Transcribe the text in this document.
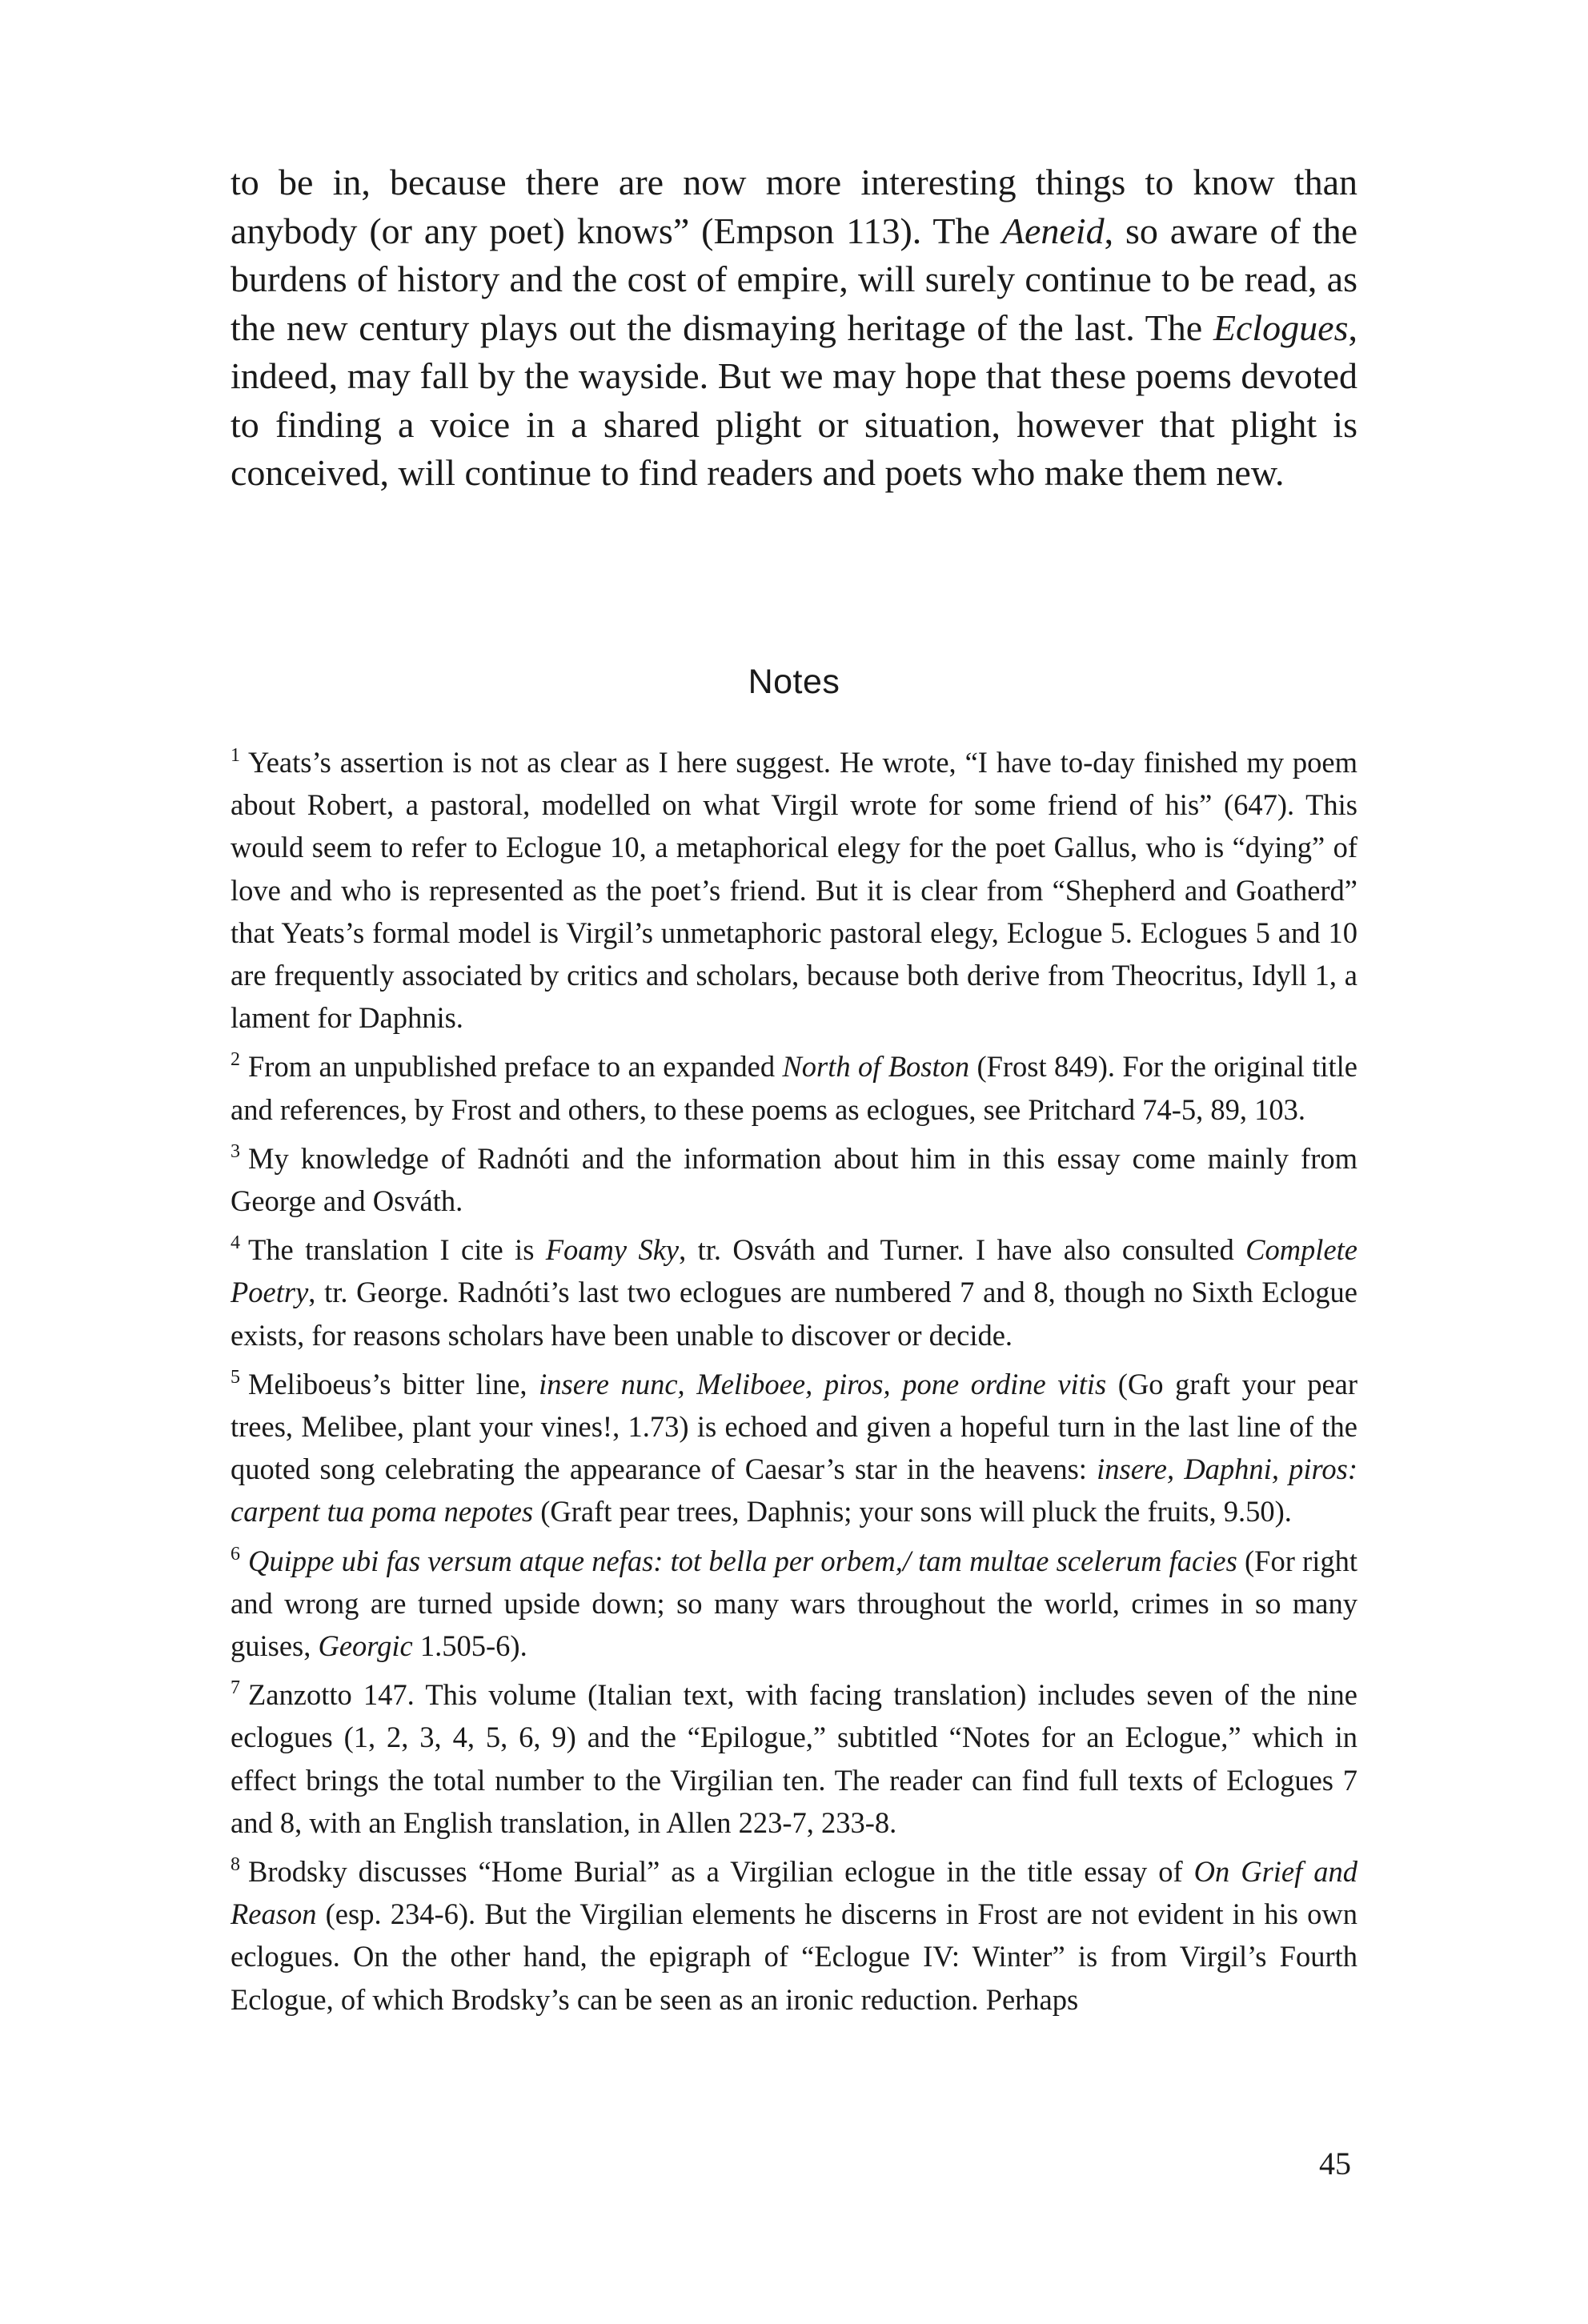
to be in, because there are now more interesting things to know than anybody (or any poet) knows” (Empson 113). The Aeneid, so aware of the burdens of history and the cost of empire, will surely continue to be read, as the new century plays out the dismaying heritage of the last. The Eclogues, indeed, may fall by the wayside. But we may hope that these poems devoted to finding a voice in a shared plight or situation, however that plight is conceived, will continue to find readers and poets who make them new.

Notes
$^1$ Yeats’s assertion is not as clear as I here suggest. He wrote, “I have to-day finished my poem about Robert, a pastoral, modelled on what Virgil wrote for some friend of his” (647). This would seem to refer to Eclogue 10, a metaphorical elegy for the poet Gallus, who is “dying” of love and who is represented as the poet’s friend. But it is clear from “Shepherd and Goatherd” that Yeats’s formal model is Virgil’s unmetaphoric pastoral elegy, Eclogue 5. Eclogues 5 and 10 are frequently associated by critics and scholars, because both derive from Theocritus, Idyll 1, a lament for Daphnis.
$^2$ From an unpublished preface to an expanded North of Boston (Frost 849). For the original title and references, by Frost and others, to these poems as eclogues, see Pritchard 74-5, 89, 103.
$^3$ My knowledge of Radnóti and the information about him in this essay come mainly from George and Osváth.
$^4$ The translation I cite is Foamy Sky, tr. Osváth and Turner. I have also consulted Complete Poetry, tr. George. Radnóti’s last two eclogues are numbered 7 and 8, though no Sixth Eclogue exists, for reasons scholars have been unable to discover or decide.
$^5$ Meliboeus’s bitter line, insere nunc, Meliboee, piros, pone ordine vitis (Go graft your pear trees, Melibee, plant your vines!, 1.73) is echoed and given a hopeful turn in the last line of the quoted song celebrating the appearance of Caesar’s star in the heavens: insere, Daphni, piros: carpent tua poma nepotes (Graft pear trees, Daphnis; your sons will pluck the fruits, 9.50).
$^6$ Quippe ubi fas versum atque nefas: tot bella per orbem,/ tam multae scelerum facies (For right and wrong are turned upside down; so many wars throughout the world, crimes in so many guises, Georgic 1.505-6).
$^7$ Zanzotto 147. This volume (Italian text, with facing translation) includes seven of the nine eclogues (1, 2, 3, 4, 5, 6, 9) and the “Epilogue,” subtitled “Notes for an Eclogue,” which in effect brings the total number to the Virgilian ten. The reader can find full texts of Eclogues 7 and 8, with an English translation, in Allen 223-7, 233-8.
$^8$ Brodsky discusses “Home Burial” as a Virgilian eclogue in the title essay of On Grief and Reason (esp. 234-6). But the Virgilian elements he discerns in Frost are not evident in his own eclogues. On the other hand, the epigraph of “Eclogue IV: Winter” is from Virgil’s Fourth Eclogue, of which Brodsky’s can be seen as an ironic reduction. Perhaps
45
